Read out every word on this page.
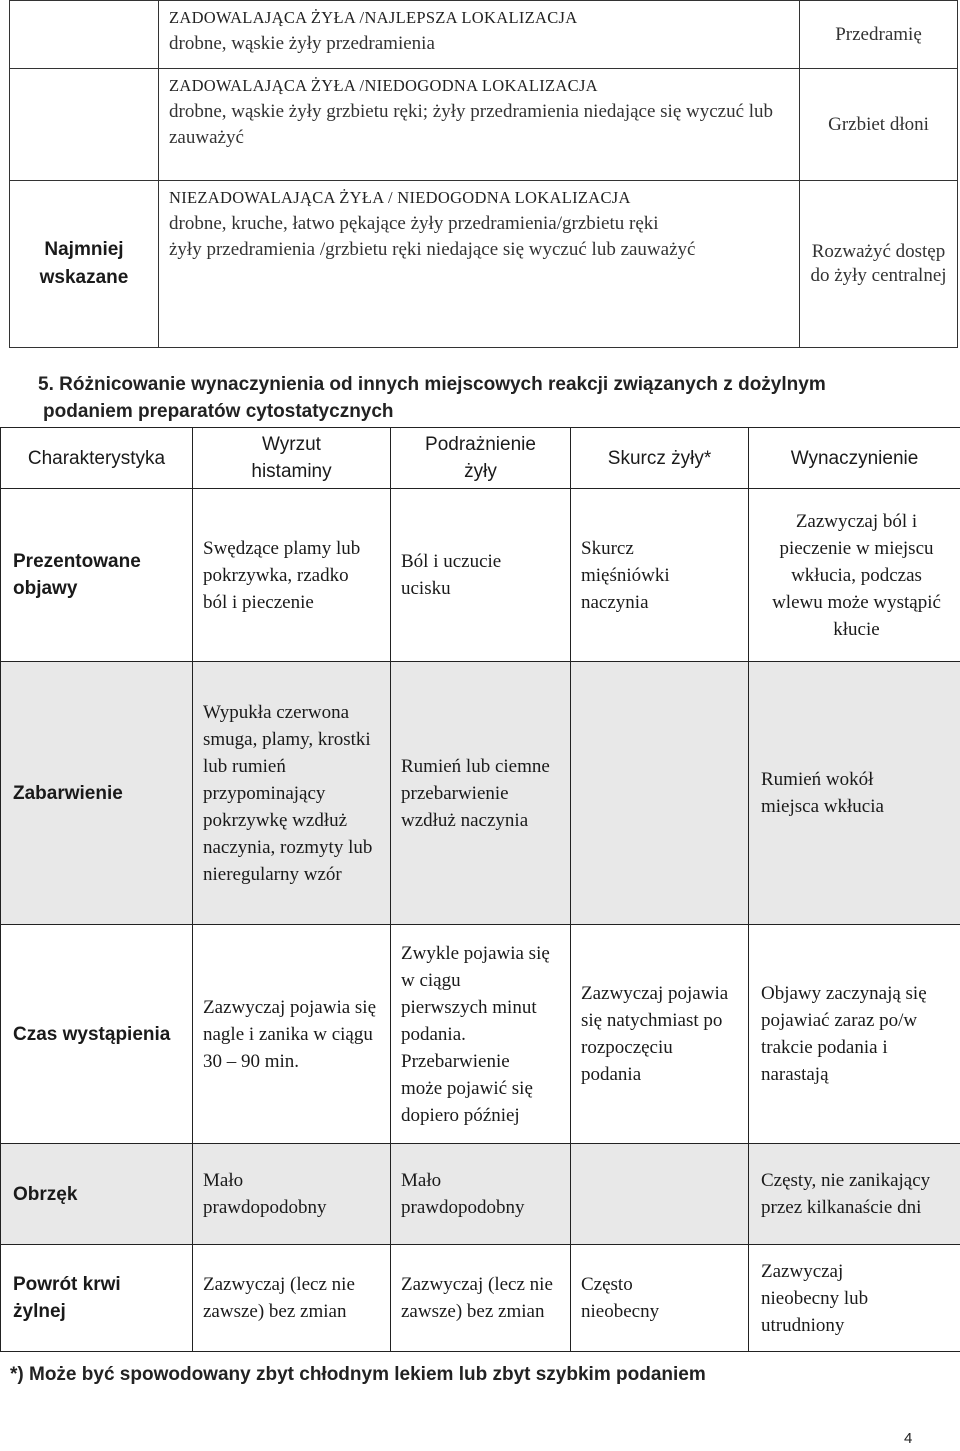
	ZADOWALAJĄCA ŻYŁA /NAJLEPSZA LOKALIZACJA
drobne, wąskie żyły przedramienia	Przedramię

	ZADOWALAJĄCA ŻYŁA /NIEDOGODNA LOKALIZACJA
drobne, wąskie żyły grzbietu ręki; żyły przedramienia niedające się wyczuć lub zauważyć	Grzbiet dłoni
Najmniej wskazane	NIEZADOWALAJĄCA ŻYŁA / NIEDOGODNA LOKALIZACJA
drobne, kruche, łatwo pękające żyły przedramienia/grzbietu ręki
żyły przedramienia /grzbietu ręki niedające się wyczuć lub zauważyć	Rozważyć dostęp do żyły centralnej
5. Różnicowanie wynaczynienia od innych miejscowych reakcji związanych z dożylnym
podaniem preparatów cytostatycznych
Charakterystyka	Wyrzut histaminy	Podrażnienie żyły	Skurcz żyły*	Wynaczynienie

Prezentowane objawy	Swędzące plamy lub pokrzywka, rzadko ból i pieczenie	Ból i uczucie ucisku	Skurcz mięśniówki naczynia	Zazwyczaj ból i pieczenie w miejscu wkłucia, podczas wlewu może wystąpić kłucie

Zabarwienie	Wypukła czerwona smuga, plamy, krostki lub rumień przypominający pokrzywkę wzdłuż naczynia, rozmyty lub nieregularny wzór	Rumień lub ciemne przebarwienie wzdłuż naczynia		Rumień wokół miejsca wkłucia

Czas wystąpienia	Zazwyczaj pojawia się nagle i zanika w ciągu 30 – 90 min.	Zwykle pojawia się w ciągu pierwszych minut podania. Przebarwienie może pojawić się dopiero później	Zazwyczaj pojawia się natychmiast po rozpoczęciu podania	Objawy zaczynają się pojawiać zaraz po/w trakcie podania i narastają

Obrzęk	Mało prawdopodobny	Mało prawdopodobny		Częsty, nie zanikający przez kilkanaście dni

Powrót krwi żylnej	Zazwyczaj (lecz nie zawsze) bez zmian	Zazwyczaj (lecz nie zawsze) bez zmian	Często nieobecny	Zazwyczaj nieobecny lub utrudniony
*) Może być spowodowany zbyt chłodnym lekiem lub zbyt szybkim podaniem
4
